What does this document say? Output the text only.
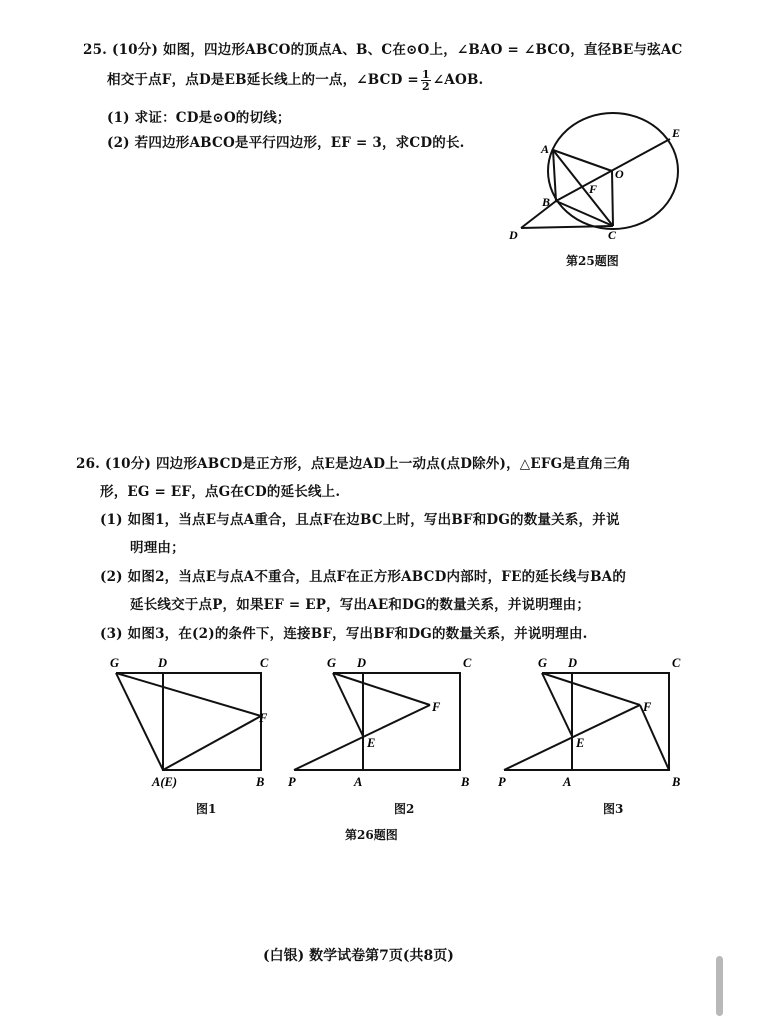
25. (10分) 如图，四边形ABCO的顶点A、B、C在⊙O上，∠BAO = ∠BCO，直径BE与弦AC
相交于点F，点D是EB延长线上的一点，∠BCD = $\frac{1}{2}$ ∠AOB.
(1) 求证：CD是⊙O的切线；
(2) 若四边形ABCO是平行四边形，EF = 3，求CD的长.	A
B
C
D
E
F
O
第25题图
26. (10分) 四边形ABCD是正方形，点E是边AD上一动点(点D除外)，△EFG是直角三角
形，EG = EF，点G在CD的延长线上.
(1) 如图1，当点E与点A重合，且点F在边BC上时，写出BF和DG的数量关系，并说
明理由；
(2) 如图2，当点E与点A不重合，且点F在正方形ABCD内部时，FE的延长线与BA的
延长线交于点P，如果EF = EP，写出AE和DG的数量关系，并说明理由；
(3) 如图3，在(2)的条件下，连接BF，写出BF和DG的数量关系，并说明理由.
G	D	C
F
A(E)	B
G D	C
F
E
P	A	B
G D	C
F
E
P	A	B
图1	图2	图3
第26题图
(白银) 数学试卷第7页(共8页)
